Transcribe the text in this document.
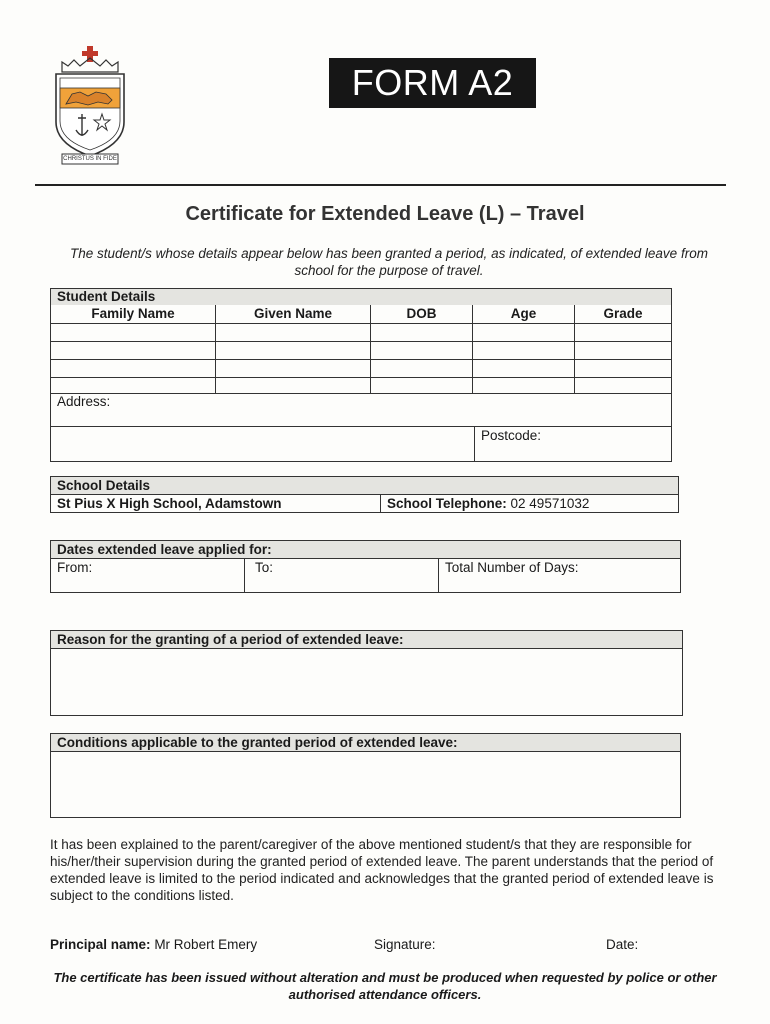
CHRISTUS IN FIDE
FORM A2
Certificate for Extended Leave (L) – Travel
The student/s whose details appear below has been granted a period, as indicated, of extended leave from school for the purpose of travel.
Student Details
Family Name	Given Name	DOB	Age	Grade
Address:
Postcode:
School Details
St Pius X High School, Adamstown	School Telephone: 02 49571032
Dates extended leave applied for:
From:	To:	Total Number of Days:
Reason for the granting of a period of extended leave:
Conditions applicable to the granted period of extended leave:
It has been explained to the parent/caregiver of the above mentioned student/s that they are responsible for his/her/their supervision during the granted period of extended leave. The parent understands that the period of extended leave is limited to the period indicated and acknowledges that the granted period of extended leave is subject to the conditions listed.
Principal name: Mr Robert Emery	Signature:	Date:
The certificate has been issued without alteration and must be produced when requested by police or other authorised attendance officers.
